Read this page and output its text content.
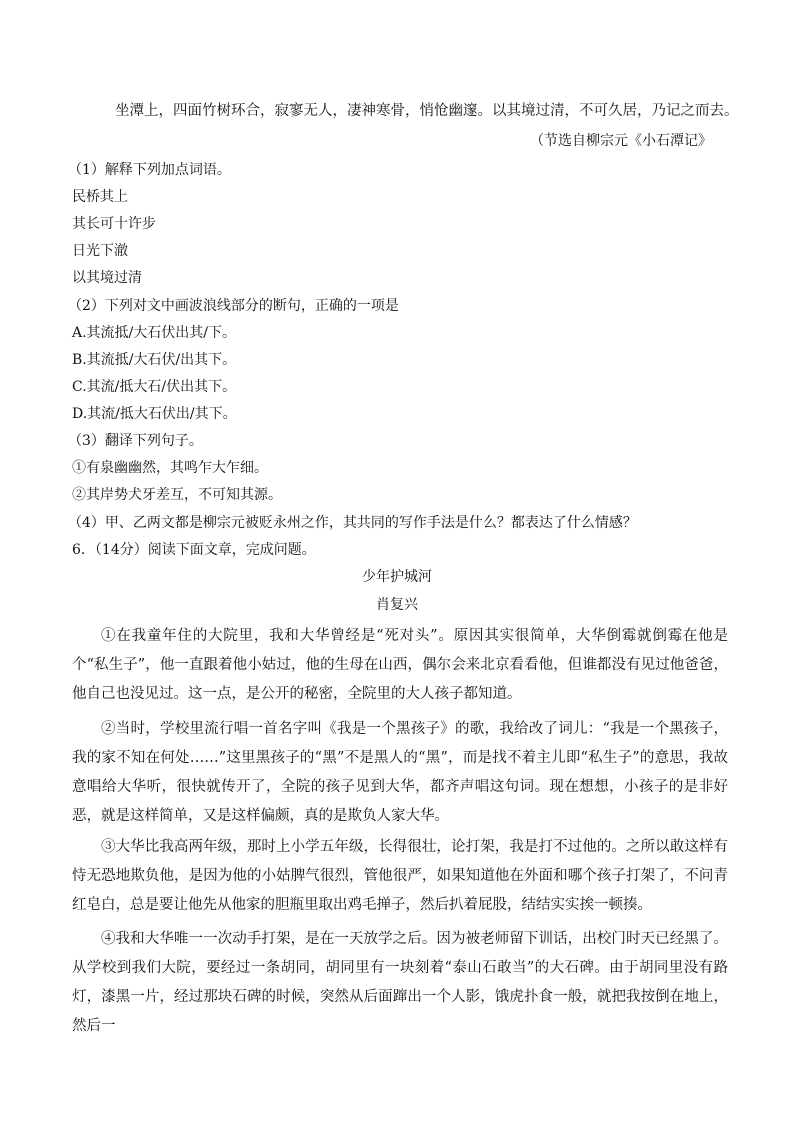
坐潭上，四面竹树环合，寂寥无人，凄神寒骨，悄怆幽邃。以其境过清，不可久居，乃记之而去。
（节选自柳宗元《小石潭记》
（1）解释下列加点词语。
民桥其上
其长可十许步
日光下澈
以其境过清
（2）下列对文中画波浪线部分的断句，正确的一项是
A.其流抵/大石伏出其/下。
B.其流抵/大石伏/出其下。
C.其流/抵大石/伏出其下。
D.其流/抵大石伏出/其下。
（3）翻译下列句子。
①有泉幽幽然，其鸣乍大乍细。
②其岸势犬牙差互，不可知其源。
（4）甲、乙两文都是柳宗元被贬永州之作，其共同的写作手法是什么？都表达了什么情感？
6．（14分）阅读下面文章，完成问题。
少年护城河
肖复兴
①在我童年住的大院里，我和大华曾经是“死对头”。原因其实很简单，大华倒霉就倒霉在他是个“私生子”，他一直跟着他小姑过，他的生母在山西，偶尔会来北京看看他，但谁都没有见过他爸爸，他自己也没见过。这一点，是公开的秘密，全院里的大人孩子都知道。
②当时，学校里流行唱一首名字叫《我是一个黑孩子》的歌，我给改了词儿：“我是一个黑孩子，我的家不知在何处……”这里黑孩子的“黑”不是黑人的“黑”，而是找不着主儿即“私生子”的意思，我故意唱给大华听，很快就传开了，全院的孩子见到大华，都齐声唱这句词。现在想想，小孩子的是非好恶，就是这样简单，又是这样偏颇，真的是欺负人家大华。
③大华比我高两年级，那时上小学五年级，长得很壮，论打架，我是打不过他的。之所以敢这样有恃无恐地欺负他，是因为他的小姑脾气很烈，管他很严，如果知道他在外面和哪个孩子打架了，不问青红皂白，总是要让他先从他家的胆瓶里取出鸡毛掸子，然后扒着屁股，结结实实挨一顿揍。
④我和大华唯一一次动手打架，是在一天放学之后。因为被老师留下训话，出校门时天已经黑了。从学校到我们大院，要经过一条胡同，胡同里有一块刻着“泰山石敢当”的大石碑。由于胡同里没有路灯，漆黑一片，经过那块石碑的时候，突然从后面蹿出一个人影，饿虎扑食一般，就把我按倒在地上，然后一
